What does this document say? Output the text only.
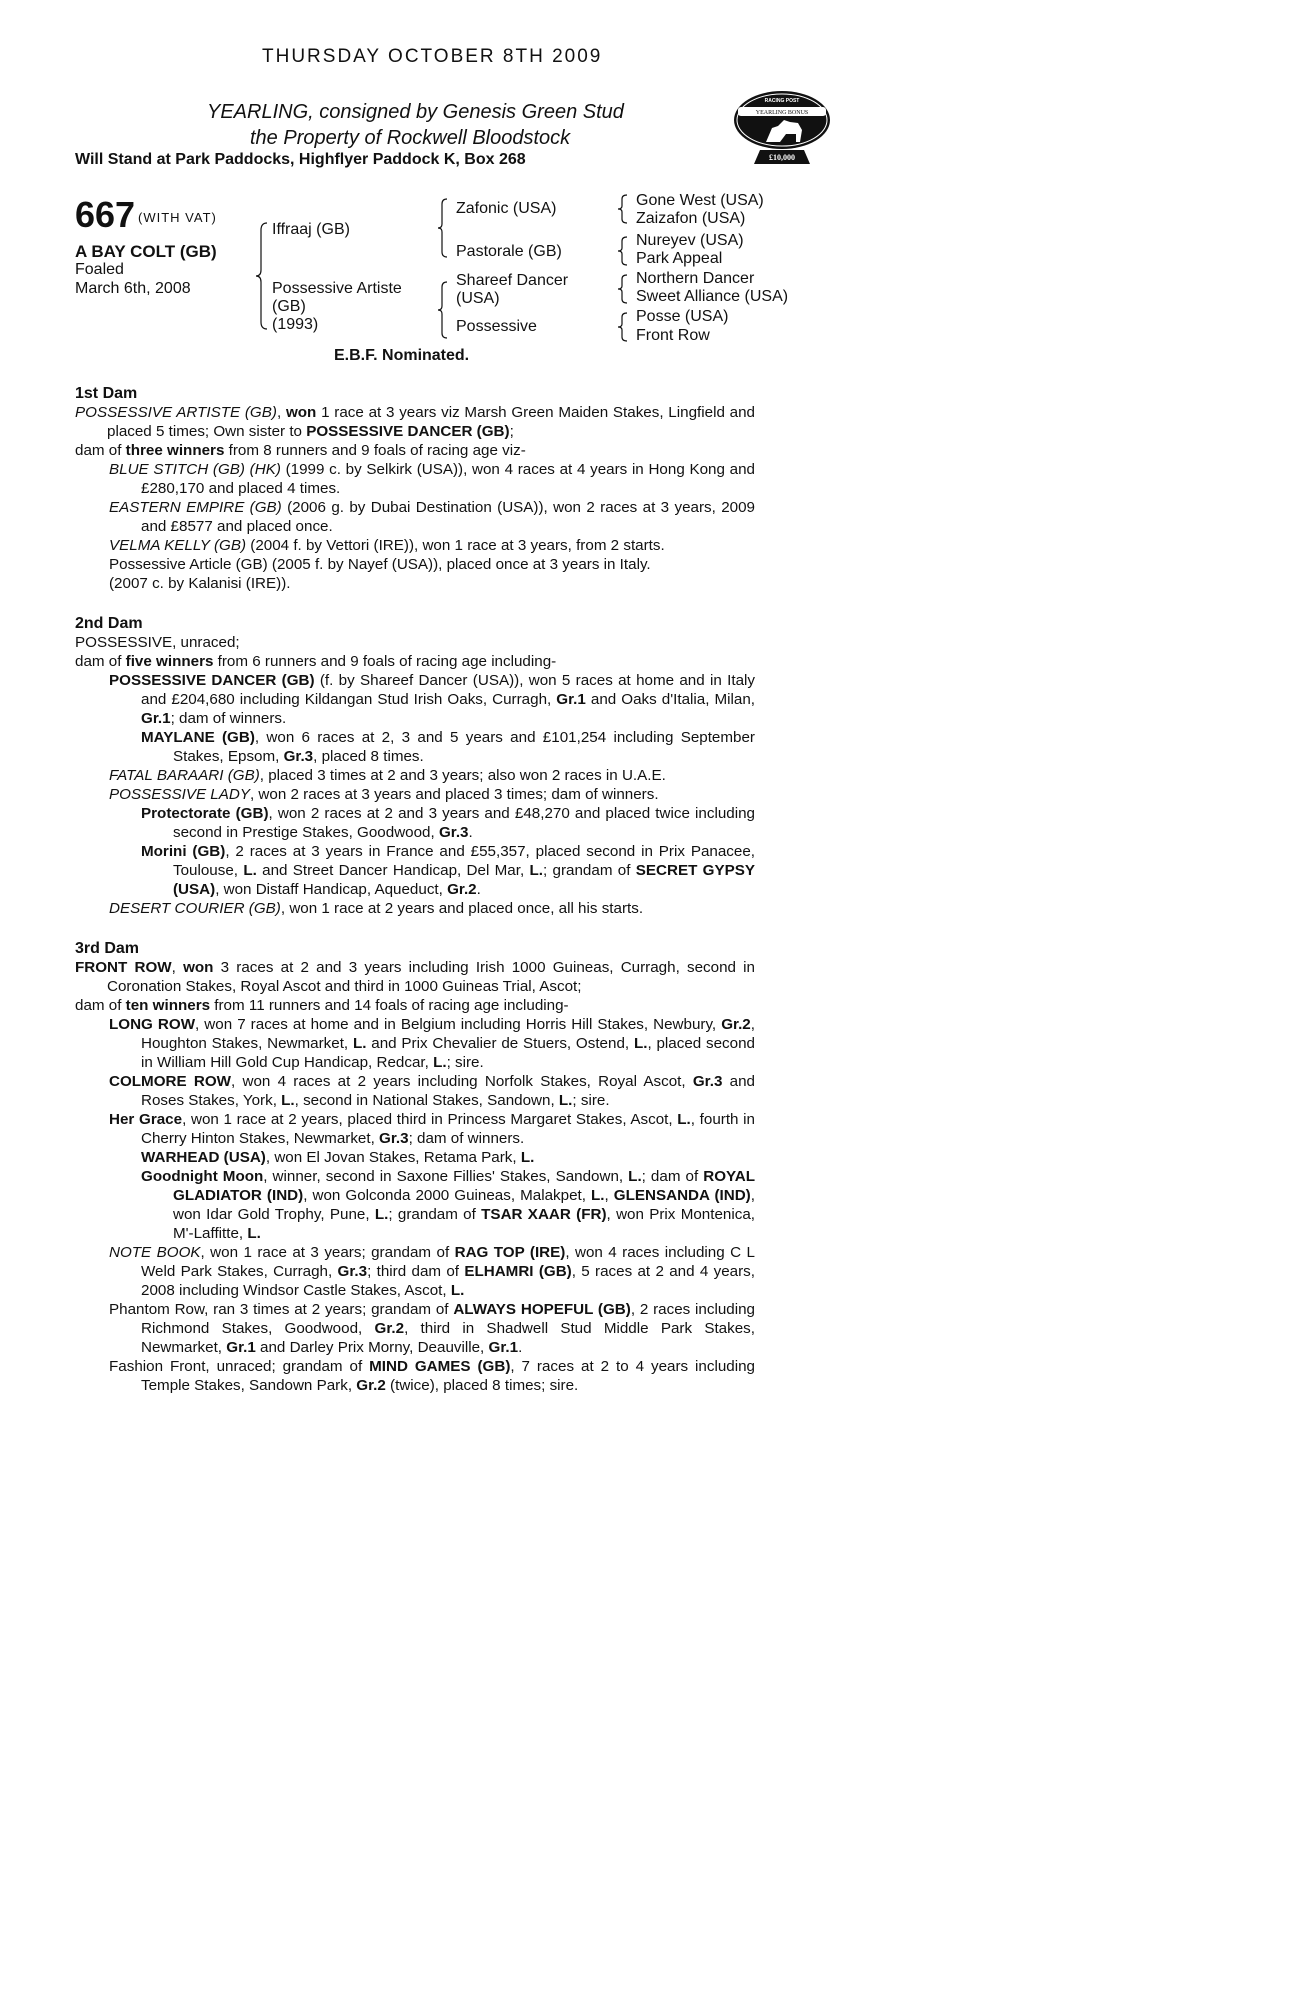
THURSDAY OCTOBER 8TH 2009
YEARLING, consigned by Genesis Green Stud
the Property of Rockwell Bloodstock
Will Stand at Park Paddocks, Highflyer Paddock K, Box 268
RACING POST
YEARLING BONUS
£10,000
667 (WITH VAT)
A BAY COLT (GB)
Foaled
March 6th, 2008
Iffraaj (GB)
Possessive Artiste
(GB)
(1993)
Zafonic (USA)
Pastorale (GB)
Shareef Dancer
(USA)
Possessive
Gone West (USA)
Zaizafon (USA)
Nureyev (USA)
Park Appeal
Northern Dancer
Sweet Alliance (USA)
Posse (USA)
Front Row
E.B.F. Nominated.
1st Dam
POSSESSIVE ARTISTE (GB), won 1 race at 3 years viz Marsh Green Maiden Stakes, Lingfield and placed 5 times; Own sister to POSSESSIVE DANCER (GB);
dam of three winners from 8 runners and 9 foals of racing age viz-
BLUE STITCH (GB) (HK) (1999 c. by Selkirk (USA)), won 4 races at 4 years in Hong Kong and £280,170 and placed 4 times.
EASTERN EMPIRE (GB) (2006 g. by Dubai Destination (USA)), won 2 races at 3 years, 2009 and £8577 and placed once.
VELMA KELLY (GB) (2004 f. by Vettori (IRE)), won 1 race at 3 years, from 2 starts.
Possessive Article (GB) (2005 f. by Nayef (USA)), placed once at 3 years in Italy.
(2007 c. by Kalanisi (IRE)).
2nd Dam
POSSESSIVE, unraced;
dam of five winners from 6 runners and 9 foals of racing age including-
POSSESSIVE DANCER (GB) (f. by Shareef Dancer (USA)), won 5 races at home and in Italy and £204,680 including Kildangan Stud Irish Oaks, Curragh, Gr.1 and Oaks d'Italia, Milan, Gr.1; dam of winners.
MAYLANE (GB), won 6 races at 2, 3 and 5 years and £101,254 including September Stakes, Epsom, Gr.3, placed 8 times.
FATAL BARAARI (GB), placed 3 times at 2 and 3 years; also won 2 races in U.A.E.
POSSESSIVE LADY, won 2 races at 3 years and placed 3 times; dam of winners.
Protectorate (GB), won 2 races at 2 and 3 years and £48,270 and placed twice including second in Prestige Stakes, Goodwood, Gr.3.
Morini (GB), 2 races at 3 years in France and £55,357, placed second in Prix Panacee, Toulouse, L. and Street Dancer Handicap, Del Mar, L.; grandam of SECRET GYPSY (USA), won Distaff Handicap, Aqueduct, Gr.2.
DESERT COURIER (GB), won 1 race at 2 years and placed once, all his starts.
3rd Dam
FRONT ROW, won 3 races at 2 and 3 years including Irish 1000 Guineas, Curragh, second in Coronation Stakes, Royal Ascot and third in 1000 Guineas Trial, Ascot;
dam of ten winners from 11 runners and 14 foals of racing age including-
LONG ROW, won 7 races at home and in Belgium including Horris Hill Stakes, Newbury, Gr.2, Houghton Stakes, Newmarket, L. and Prix Chevalier de Stuers, Ostend, L., placed second in William Hill Gold Cup Handicap, Redcar, L.; sire.
COLMORE ROW, won 4 races at 2 years including Norfolk Stakes, Royal Ascot, Gr.3 and Roses Stakes, York, L., second in National Stakes, Sandown, L.; sire.
Her Grace, won 1 race at 2 years, placed third in Princess Margaret Stakes, Ascot, L., fourth in Cherry Hinton Stakes, Newmarket, Gr.3; dam of winners.
WARHEAD (USA), won El Jovan Stakes, Retama Park, L.
Goodnight Moon, winner, second in Saxone Fillies' Stakes, Sandown, L.; dam of ROYAL GLADIATOR (IND), won Golconda 2000 Guineas, Malakpet, L., GLENSANDA (IND), won Idar Gold Trophy, Pune, L.; grandam of TSAR XAAR (FR), won Prix Montenica, M'-Laffitte, L.
NOTE BOOK, won 1 race at 3 years; grandam of RAG TOP (IRE), won 4 races including C L Weld Park Stakes, Curragh, Gr.3; third dam of ELHAMRI (GB), 5 races at 2 and 4 years, 2008 including Windsor Castle Stakes, Ascot, L.
Phantom Row, ran 3 times at 2 years; grandam of ALWAYS HOPEFUL (GB), 2 races including Richmond Stakes, Goodwood, Gr.2, third in Shadwell Stud Middle Park Stakes, Newmarket, Gr.1 and Darley Prix Morny, Deauville, Gr.1.
Fashion Front, unraced; grandam of MIND GAMES (GB), 7 races at 2 to 4 years including Temple Stakes, Sandown Park, Gr.2 (twice), placed 8 times; sire.
